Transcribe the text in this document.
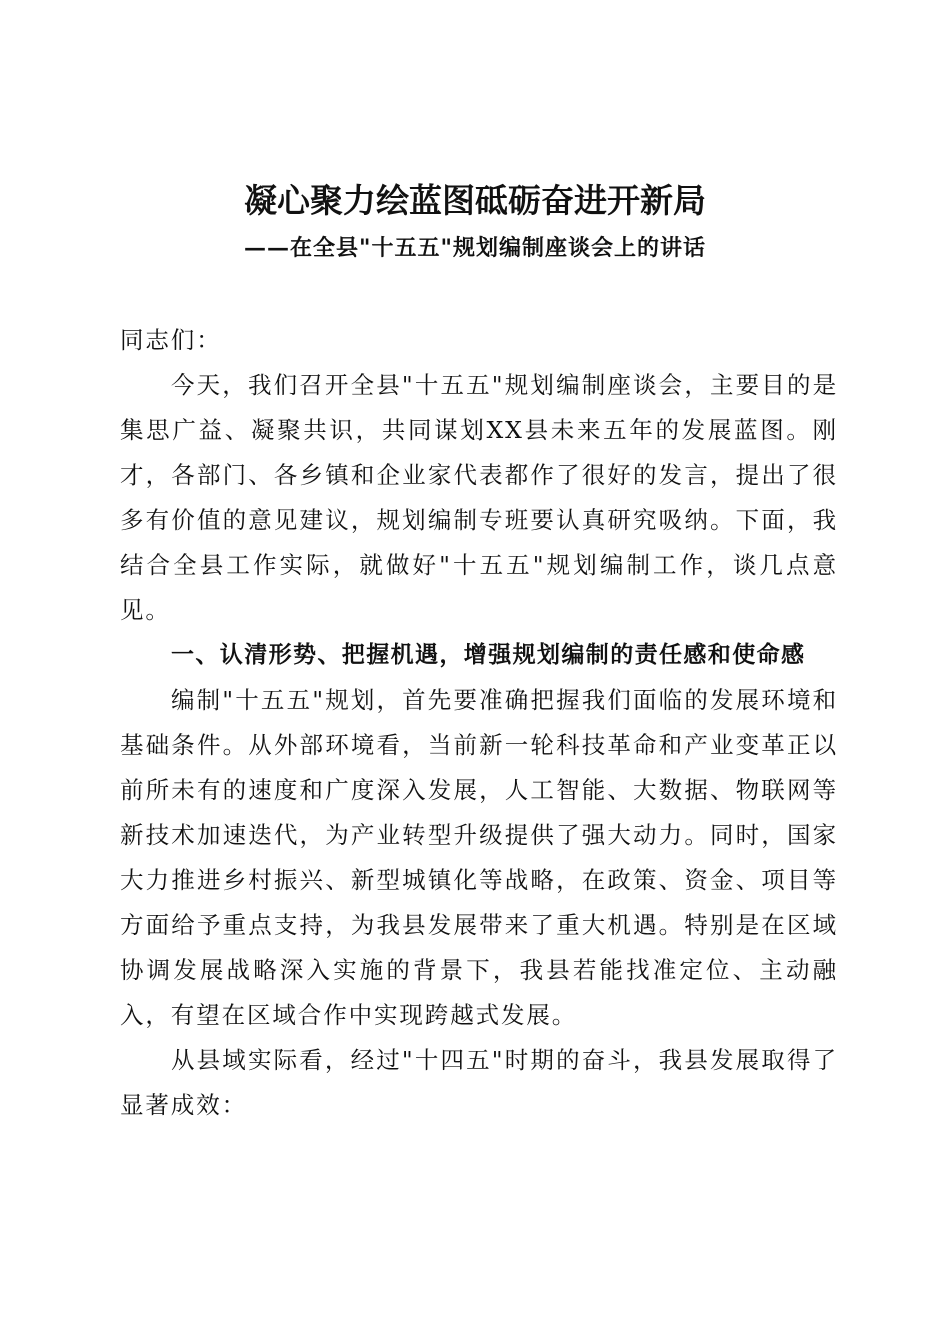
凝心聚力绘蓝图砥砺奋进开新局
——在全县"十五五"规划编制座谈会上的讲话

同志们：

今天，我们召开全县"十五五"规划编制座谈会，主要目的是集思广益、凝聚共识，共同谋划XX县未来五年的发展蓝图。刚才，各部门、各乡镇和企业家代表都作了很好的发言，提出了很多有价值的意见建议，规划编制专班要认真研究吸纳。下面，我结合全县工作实际，就做好"十五五"规划编制工作，谈几点意见。

一、认清形势、把握机遇，增强规划编制的责任感和使命感

编制"十五五"规划，首先要准确把握我们面临的发展环境和基础条件。从外部环境看，当前新一轮科技革命和产业变革正以前所未有的速度和广度深入发展，人工智能、大数据、物联网等新技术加速迭代，为产业转型升级提供了强大动力。同时，国家大力推进乡村振兴、新型城镇化等战略，在政策、资金、项目等方面给予重点支持，为我县发展带来了重大机遇。特别是在区域协调发展战略深入实施的背景下，我县若能找准定位、主动融入，有望在区域合作中实现跨越式发展。

从县域实际看，经过"十四五"时期的奋斗，我县发展取得了显著成效：
